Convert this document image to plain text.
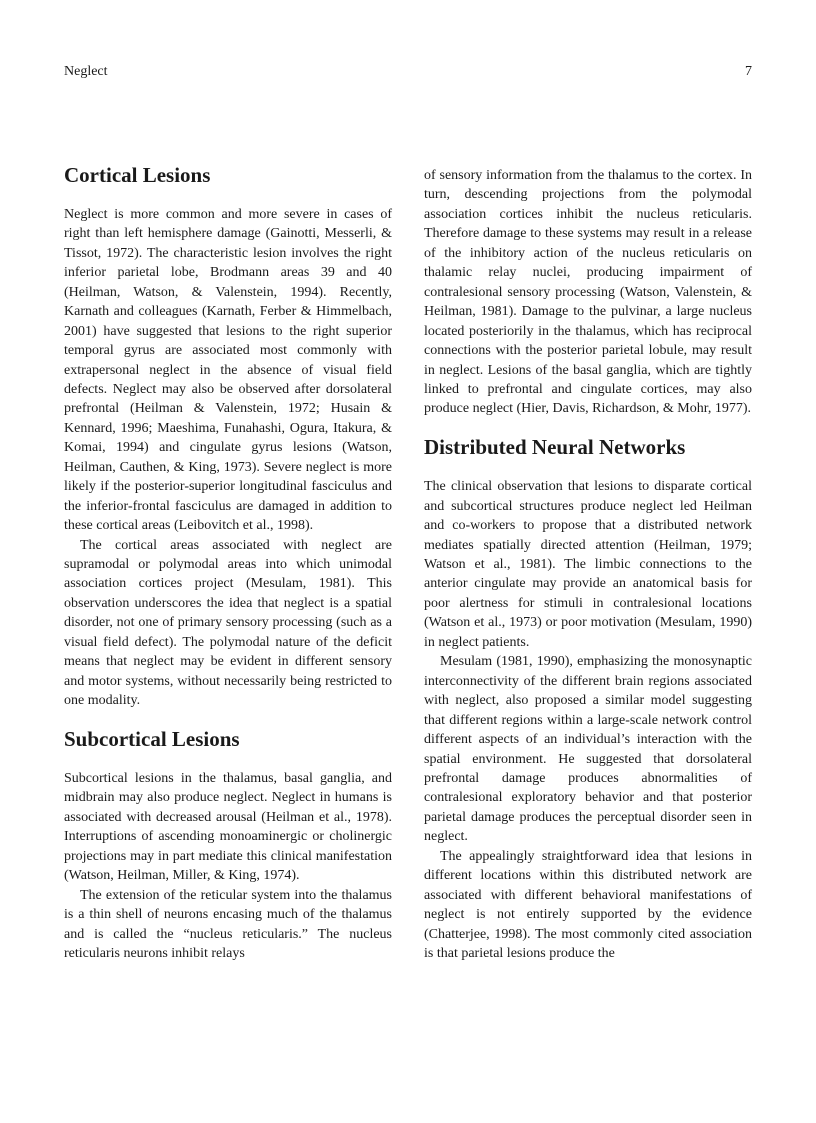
Neglect	7
Cortical Lesions

Neglect is more common and more severe in cases of right than left hemisphere damage (Gainotti, Messerli, & Tissot, 1972). The characteristic lesion involves the right inferior parietal lobe, Brodmann areas 39 and 40 (Heilman, Watson, & Valenstein, 1994). Recently, Karnath and colleagues (Karnath, Ferber & Himmelbach, 2001) have suggested that lesions to the right superior temporal gyrus are associated most commonly with extrapersonal neglect in the absence of visual field defects. Neglect may also be observed after dorsolateral prefrontal (Heilman & Valenstein, 1972; Husain & Kennard, 1996; Maeshima, Funahashi, Ogura, Itakura, & Komai, 1994) and cingulate gyrus lesions (Watson, Heilman, Cauthen, & King, 1973). Severe neglect is more likely if the posterior-superior longitudinal fasciculus and the inferior-frontal fasciculus are damaged in addition to these cortical areas (Leibovitch et al., 1998).

The cortical areas associated with neglect are supramodal or polymodal areas into which unimodal association cortices project (Mesulam, 1981). This observation underscores the idea that neglect is a spatial disorder, not one of primary sensory processing (such as a visual field defect). The polymodal nature of the deficit means that neglect may be evident in different sensory and motor systems, without necessarily being restricted to one modality.

Subcortical Lesions

Subcortical lesions in the thalamus, basal ganglia, and midbrain may also produce neglect. Neglect in humans is associated with decreased arousal (Heilman et al., 1978). Interruptions of ascending monoaminergic or cholinergic projections may in part mediate this clinical manifestation (Watson, Heilman, Miller, & King, 1974).

The extension of the reticular system into the thalamus is a thin shell of neurons encasing much of the thalamus and is called the “nucleus reticularis.” The nucleus reticularis neurons inhibit relays

of sensory information from the thalamus to the cortex. In turn, descending projections from the polymodal association cortices inhibit the nucleus reticularis. Therefore damage to these systems may result in a release of the inhibitory action of the nucleus reticularis on thalamic relay nuclei, producing impairment of contralesional sensory processing (Watson, Valenstein, & Heilman, 1981). Damage to the pulvinar, a large nucleus located posteriorily in the thalamus, which has reciprocal connections with the posterior parietal lobule, may result in neglect. Lesions of the basal ganglia, which are tightly linked to prefrontal and cingulate cortices, may also produce neglect (Hier, Davis, Richardson, & Mohr, 1977).

Distributed Neural Networks

The clinical observation that lesions to disparate cortical and subcortical structures produce neglect led Heilman and co-workers to propose that a distributed network mediates spatially directed attention (Heilman, 1979; Watson et al., 1981). The limbic connections to the anterior cingulate may provide an anatomical basis for poor alertness for stimuli in contralesional locations (Watson et al., 1973) or poor motivation (Mesulam, 1990) in neglect patients.

Mesulam (1981, 1990), emphasizing the monosynaptic interconnectivity of the different brain regions associated with neglect, also proposed a similar model suggesting that different regions within a large-scale network control different aspects of an individual’s interaction with the spatial environment. He suggested that dorsolateral prefrontal damage produces abnormalities of contralesional exploratory behavior and that posterior parietal damage produces the perceptual disorder seen in neglect.

The appealingly straightforward idea that lesions in different locations within this distributed network are associated with different behavioral manifestations of neglect is not entirely supported by the evidence (Chatterjee, 1998). The most commonly cited association is that parietal lesions produce the
